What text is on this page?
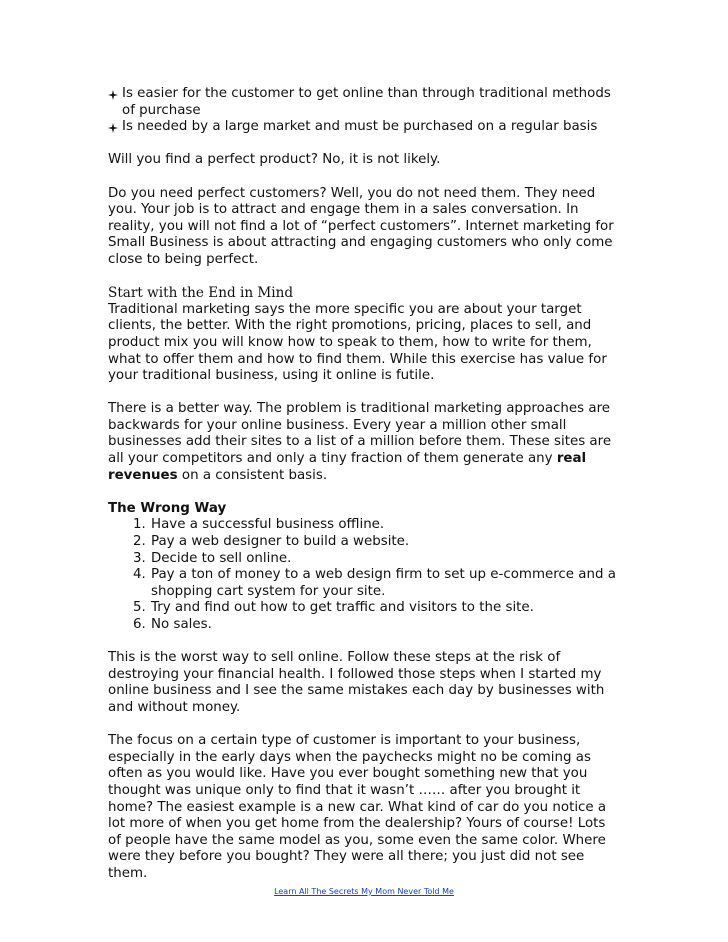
Is easier for the customer to get online than through traditional methods of purchase
Is needed by a large market and must be purchased on a regular basis

Will you find a perfect product? No, it is not likely.

Do you need perfect customers? Well, you do not need them. They need you. Your job is to attract and engage them in a sales conversation. In reality, you will not find a lot of “perfect customers”. Internet marketing for Small Business is about attracting and engaging customers who only come close to being perfect.

Start with the End in Mind

Traditional marketing says the more specific you are about your target clients, the better. With the right promotions, pricing, places to sell, and product mix you will know how to speak to them, how to write for them, what to offer them and how to find them. While this exercise has value for your traditional business, using it online is futile.

There is a better way. The problem is traditional marketing approaches are backwards for your online business. Every year a million other small businesses add their sites to a list of a million before them. These sites are all your competitors and only a tiny fraction of them generate any real revenues on a consistent basis.

The Wrong Way
1. Have a successful business offline.
2. Pay a web designer to build a website.
3. Decide to sell online.
4. Pay a ton of money to a web design firm to set up e-commerce and a shopping cart system for your site.
5. Try and find out how to get traffic and visitors to the site.
6. No sales.

This is the worst way to sell online. Follow these steps at the risk of destroying your financial health. I followed those steps when I started my online business and I see the same mistakes each day by businesses with and without money.

The focus on a certain type of customer is important to your business, especially in the early days when the paychecks might no be coming as often as you would like. Have you ever bought something new that you thought was unique only to find that it wasn’t …… after you brought it home? The easiest example is a new car. What kind of car do you notice a lot more of when you get home from the dealership? Yours of course! Lots of people have the same model as you, some even the same color. Where were they before you bought? They were all there; you just did not see them.

Learn All The Secrets My Mom Never Told Me
